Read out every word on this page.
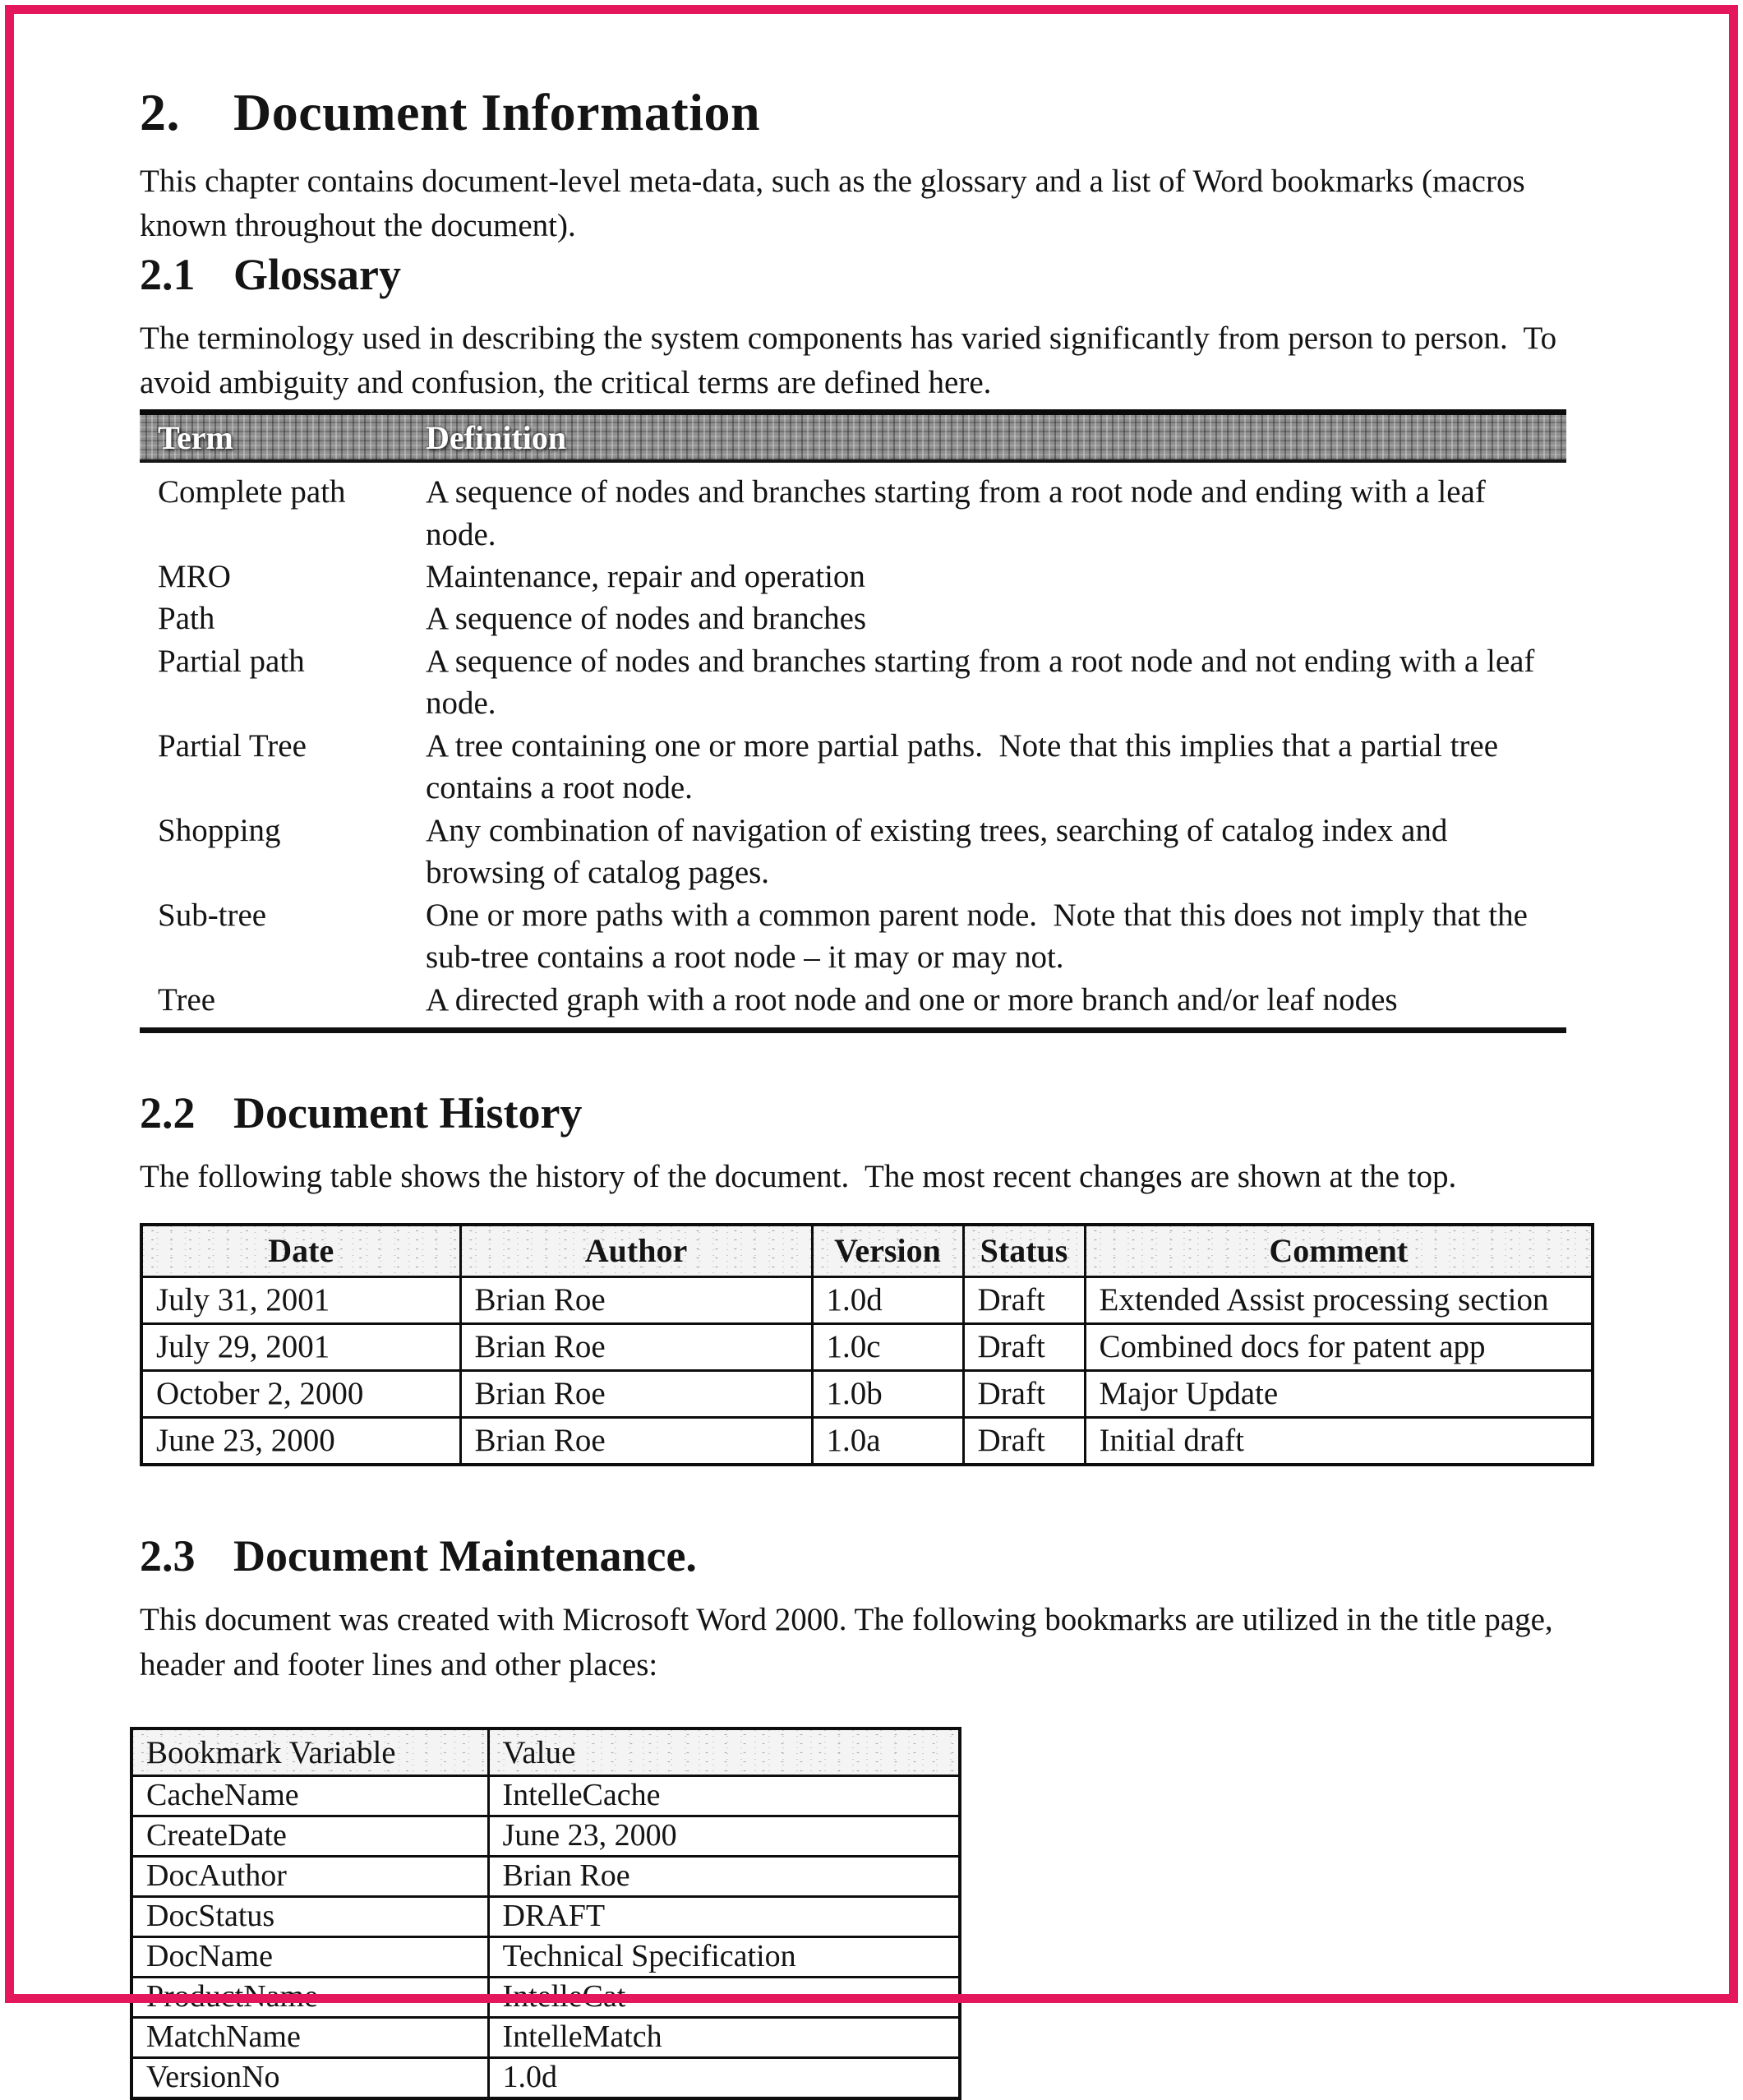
2.	Document Information

This chapter contains document-level meta-data, such as the glossary and a list of Word bookmarks (macros known throughout the document).

2.1 Glossary

The terminology used in describing the system components has varied significantly from person to person.  To avoid ambiguity and confusion, the critical terms are defined here.

Term	Definition
Complete path	A sequence of nodes and branches starting from a root node and ending with a leaf node.
MRO	Maintenance, repair and operation
Path	A sequence of nodes and branches
Partial path	A sequence of nodes and branches starting from a root node and not ending with a leaf node.
Partial Tree	A tree containing one or more partial paths.  Note that this implies that a partial tree contains a root node.
Shopping	Any combination of navigation of existing trees, searching of catalog index and browsing of catalog pages.
Sub-tree	One or more paths with a common parent node.  Note that this does not imply that the sub-tree contains a root node – it may or may not.
Tree	A directed graph with a root node and one or more branch and/or leaf nodes
2.2 Document History

The following table shows the history of the document.  The most recent changes are shown at the top.

Date	Author	Version	Status	Comment
July 31, 2001	Brian Roe	1.0d	Draft	Extended Assist processing section
July 29, 2001	Brian Roe	1.0c	Draft	Combined docs for patent app
October 2, 2000	Brian Roe	1.0b	Draft	Major Update
June 23, 2000	Brian Roe	1.0a	Draft	Initial draft
2.3 Document Maintenance.

This document was created with Microsoft Word 2000. The following bookmarks are utilized in the title page, header and footer lines and other places:

Bookmark Variable	Value
CacheName	IntelleCache
CreateDate	June 23, 2000
DocAuthor	Brian Roe
DocStatus	DRAFT
DocName	Technical Specification
ProductName	IntelleCat
MatchName	IntelleMatch
VersionNo	1.0d
